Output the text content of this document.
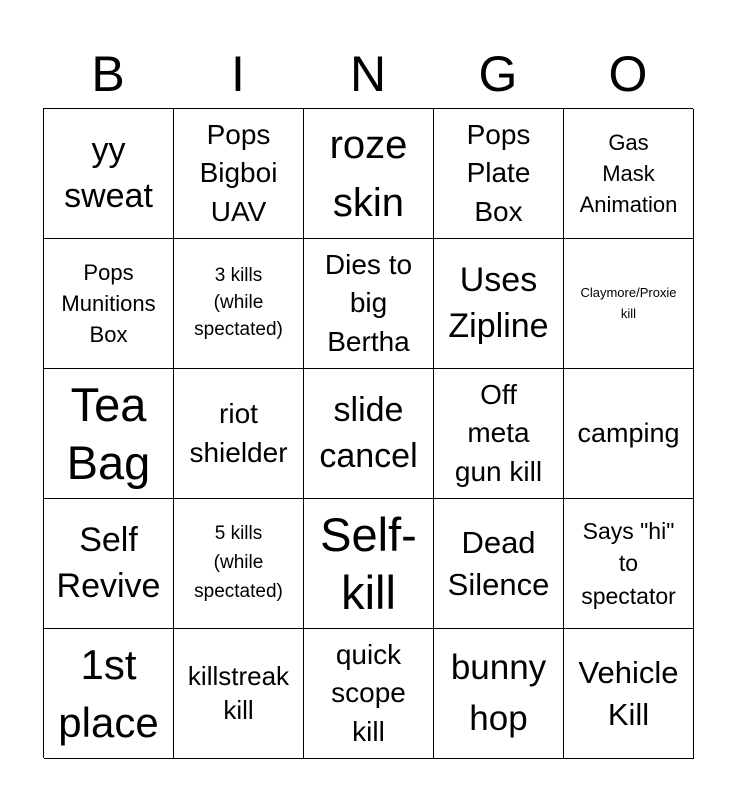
B	I	N	G	O
yy
sweat
Pops
Bigboi
UAV
roze
skin
Pops
Plate
Box
Gas
Mask
Animation
Pops
Munitions
Box
3 kills
(while
spectated)
Dies to
big
Bertha
Uses
Zipline
Claymore/Proxie
kill
Tea
Bag
riot
shielder
slide
cancel
Off
meta
gun kill
camping
Self
Revive
5 kills
(while
spectated)
Self-
kill
Dead
Silence
Says "hi"
to
spectator
1st
place
killstreak
kill
quick
scope
kill
bunny
hop
Vehicle
Kill
